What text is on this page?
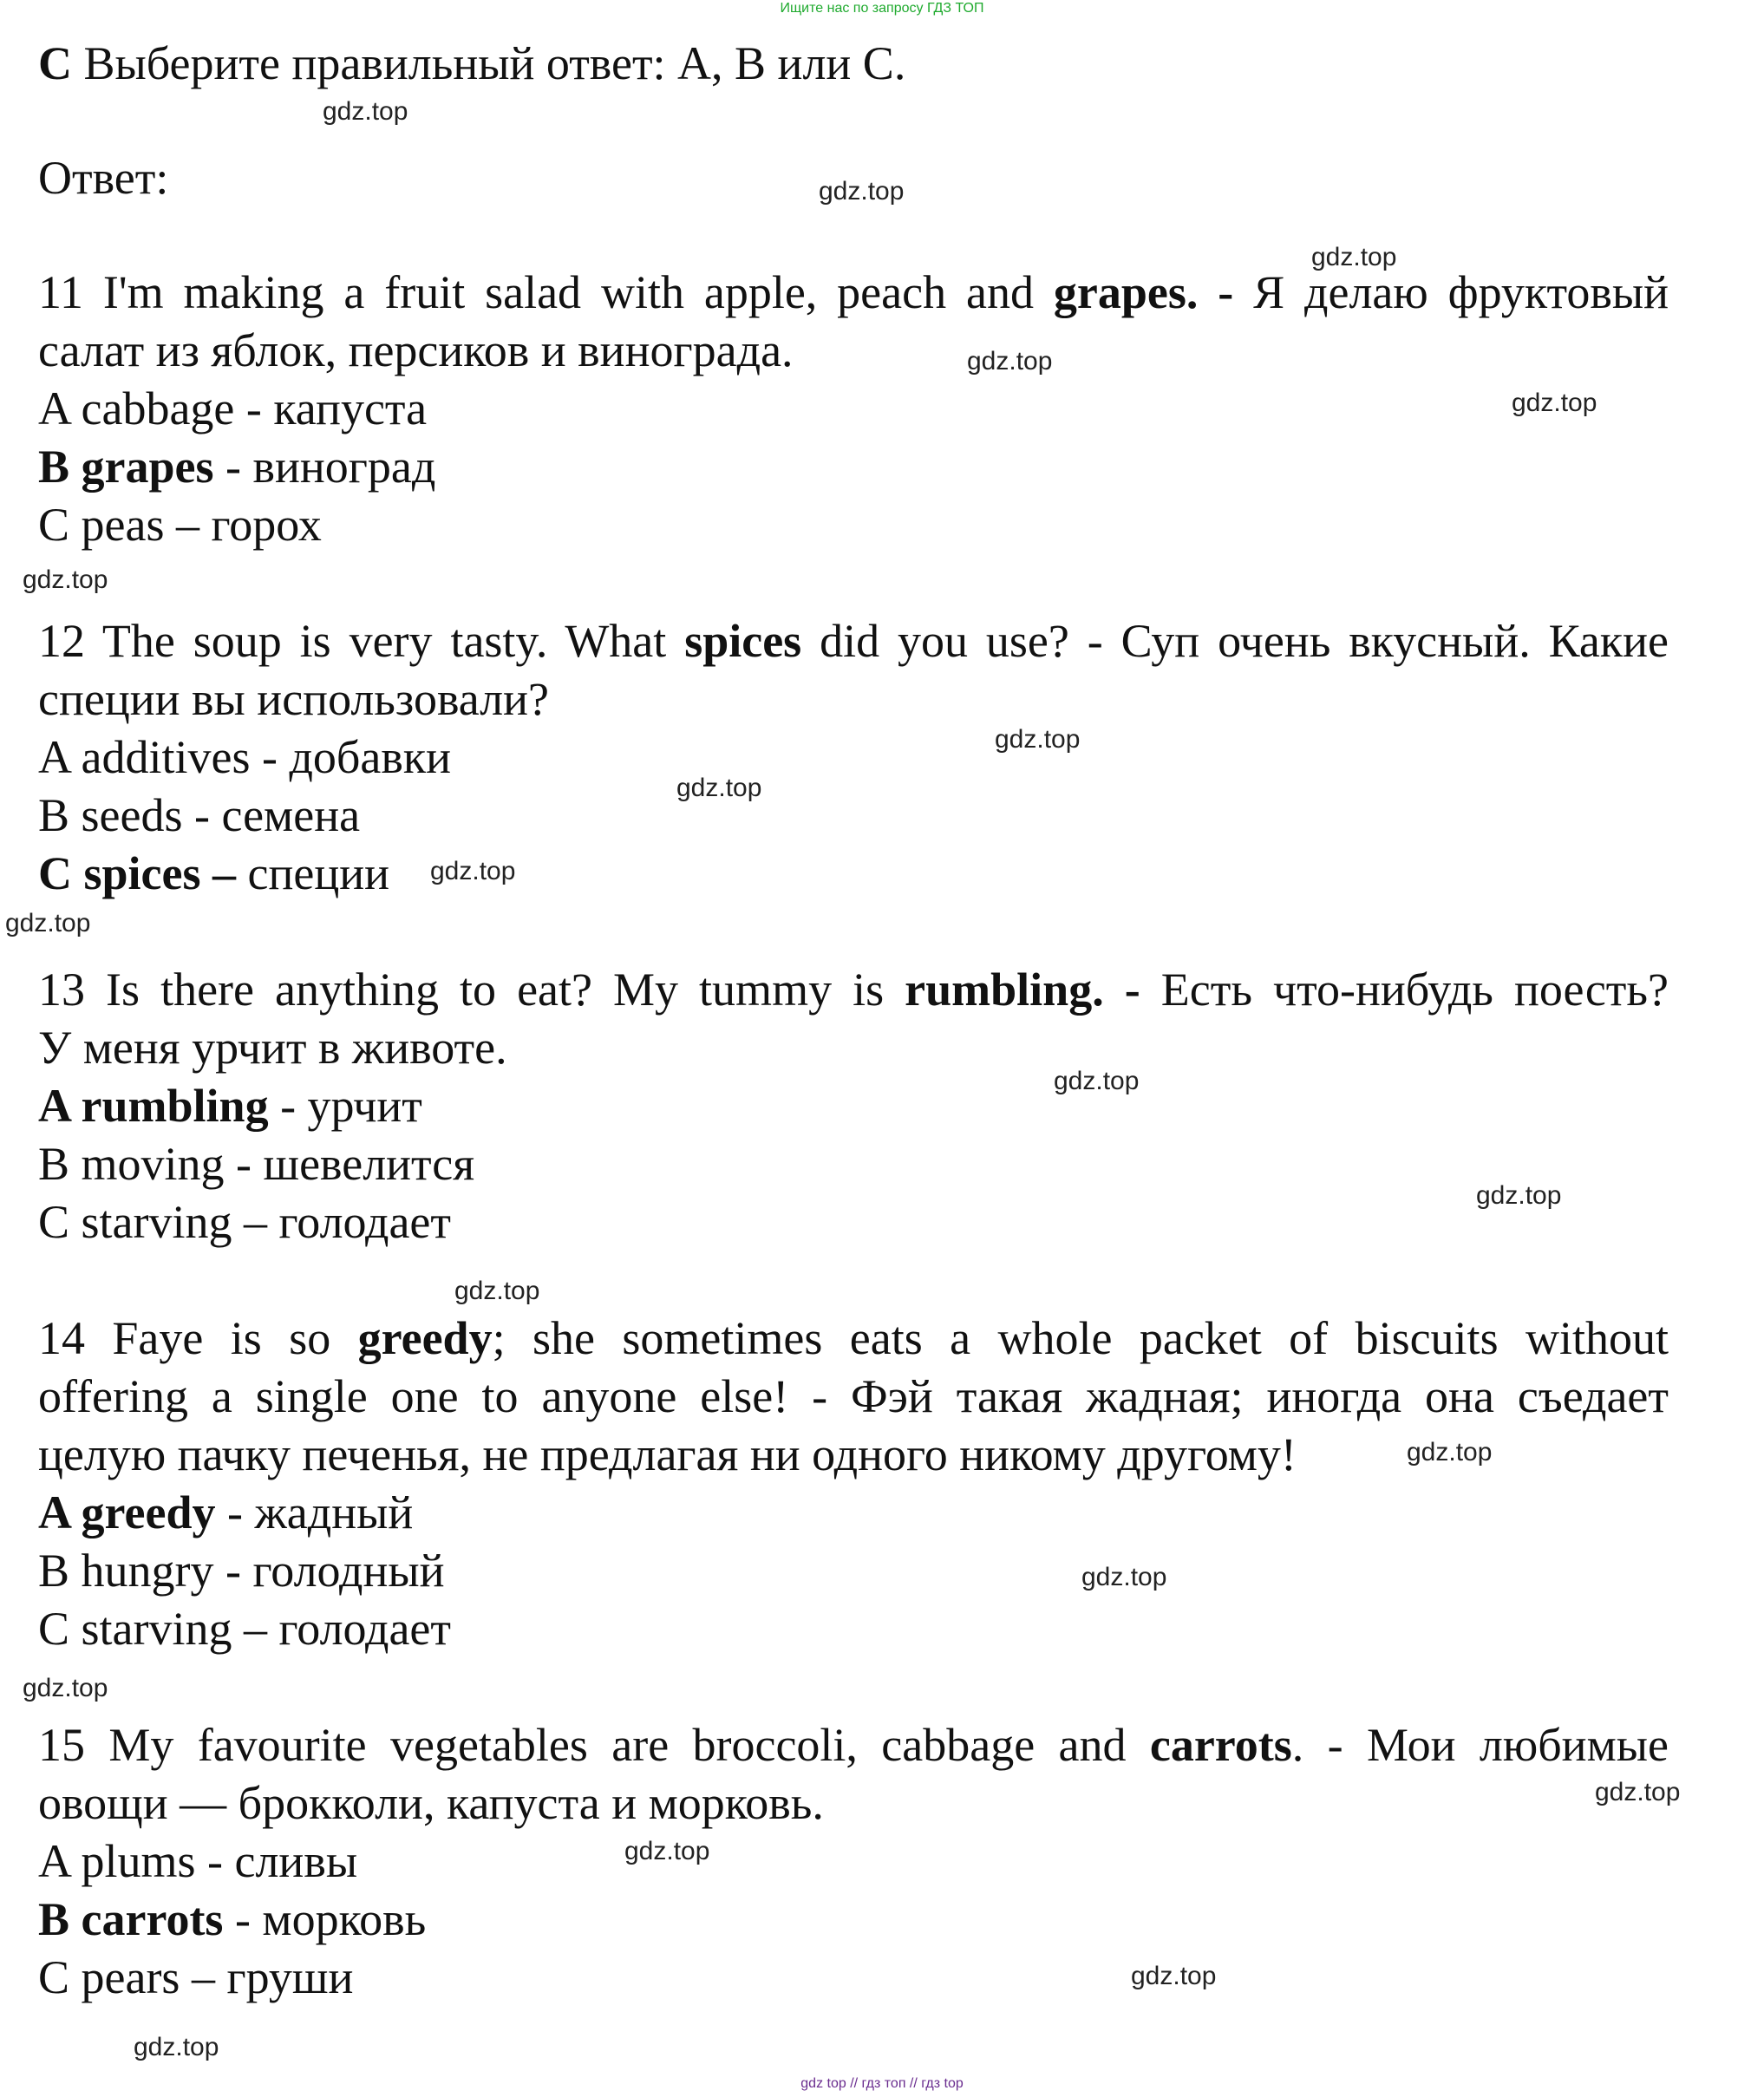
Ищите нас по запросу ГДЗ ТОП
С Выберите правильный ответ: А, В или С.
Ответ:
11 I'm making a fruit salad with apple, peach and grapes. - Я делаю фруктовый
салат из яблок, персиков и винограда.
A cabbage - капуста
B grapes - виноград
C peas – горох
12 The soup is very tasty. What spices did you use? - Суп очень вкусный. Какие
специи вы использовали?
A additives - добавки
B seeds - семена
C spices – специи
13 Is there anything to eat? My tummy is rumbling. - Есть что-нибудь поесть?
У меня урчит в животе.
A rumbling - урчит
B moving - шевелится
C starving – голодает
14 Faye is so greedy; she sometimes eats a whole packet of biscuits without
offering a single one to anyone else! - Фэй такая жадная; иногда она съедает
целую пачку печенья, не предлагая ни одного никому другому!
A greedy - жадный
B hungry - голодный
C starving – голодает
15 My favourite vegetables are broccoli, cabbage and carrots. - Мои любимые
овощи — брокколи, капуста и морковь.
A plums - сливы
B carrots - морковь
C pears – груши
gdz.top
gdz.top
gdz.top
gdz.top
gdz.top
gdz.top
gdz.top
gdz.top
gdz.top
gdz.top
gdz.top
gdz.top
gdz.top
gdz.top
gdz.top
gdz.top
gdz.top
gdz.top
gdz.top
gdz.top
gdz top // гдз топ // гдз top
